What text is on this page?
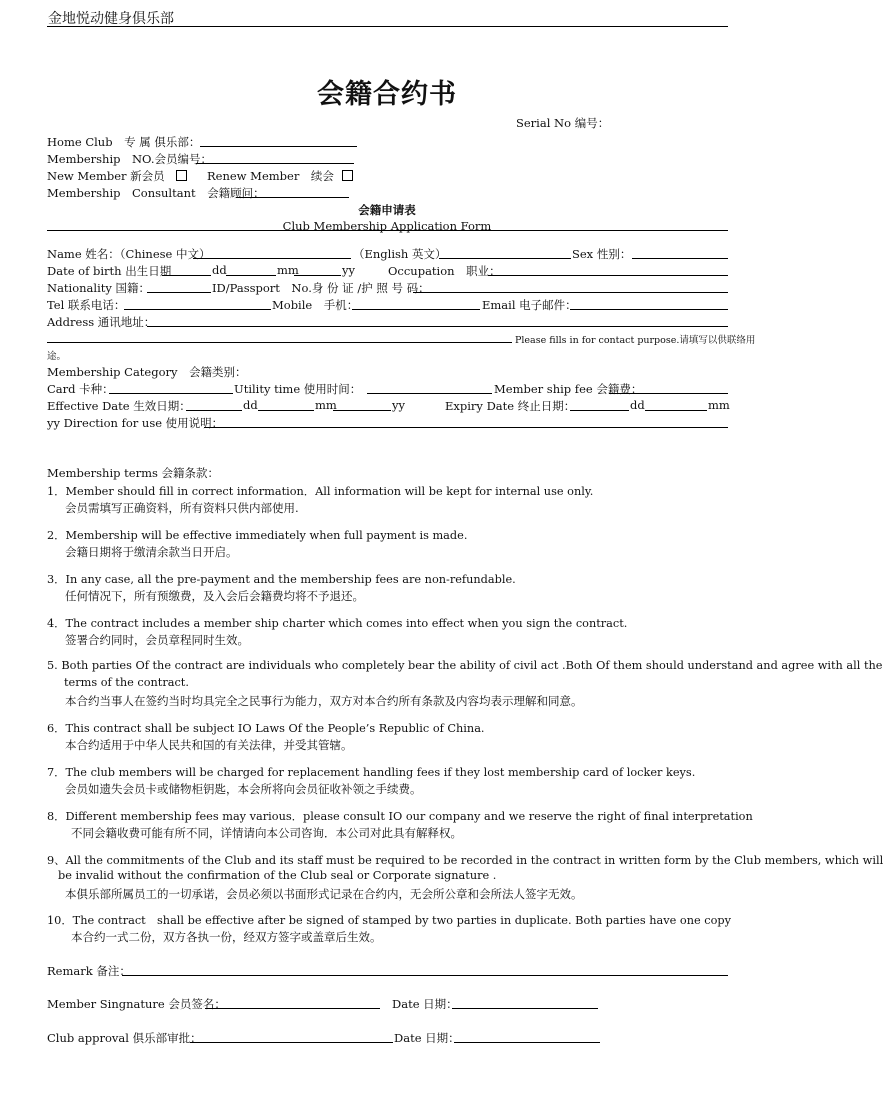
金地悦动健身俱乐部
会籍合约书
Serial No 编号：
Home Club　专 属 俱乐部：
Membership　NO.会员编号：
New Member 新会员	Renew Member　续会
Membership　Consultant　会籍顾问：
会籍申请表
Club Membership Application Form
Name 姓名：（Chinese 中文）	（English 英文）	Sex 性别：
Date of birth 出生日期	dd	mm	yy	Occupation　职业：
Nationality 国籍：	ID/Passport　No.身 份 证 /护 照 号 码：
Tel 联系电话：	Mobile　手机：	Email 电子邮件：
Address 通讯地址：
Please fills in for contact purpose.请填写以供联络用
途。
Membership Category　会籍类别：
Card 卡种：	Utility time 使用时间：	Member ship fee 会籍费：
Effective Date 生效日期：	dd	mm	yy	Expiry Date 终止日期：	dd	mm
yy Direction for use 使用说明：
Membership terms 会籍条款：
1．Member should fill in correct information．All information will be kept for internal use only.
会员需填写正确资料，所有资料只供内部使用.
2．Membership will be effective immediately when full payment is made.
会籍日期将于缴清余款当日开启。
3．In any case, all the pre-payment and the membership fees are non-refundable.
任何情况下，所有预缴费，及入会后会籍费均将不予退还。
4．The contract includes a member ship charter which comes into effect when you sign the contract.
签署合约同时，会员章程同时生效。
5. Both parties Of the contract are individuals who completely bear the ability of civil act .Both Of them should understand and agree with all the
terms of the contract.
本合约当事人在签约当时均具完全之民事行为能力，双方对本合约所有条款及内容均表示理解和同意。
6．This contract shall be subject IO Laws Of the People’s Republic of China.
本合约适用于中华人民共和国的有关法律，并受其管辖。
7．The club members will be charged for replacement handling fees if they lost membership card of locker keys.
会员如遗失会员卡或储物柜钥匙，本会所将向会员征收补领之手续费。
8．Different membership fees may various．please consult IO our company and we reserve the right of final interpretation
不同会籍收费可能有所不同，详情请向本公司咨询．本公司对此具有解释权。
9、All the commitments of the Club and its staff must be required to be recorded in the contract in written form by the Club members, which will
be invalid without the confirmation of the Club seal or Corporate signature .
本俱乐部所属员工的一切承诺，会员必须以书面形式记录在合约内，无会所公章和会所法人签字无效。
10．The contract　shall be effective after be signed of stamped by two parties in duplicate. Both parties have one copy
本合约一式二份，双方各执一份，经双方签字或盖章后生效。
Remark 备注：
Member Singnature 会员签名：	Date 日期：
Club approval 俱乐部审批：	Date 日期：
